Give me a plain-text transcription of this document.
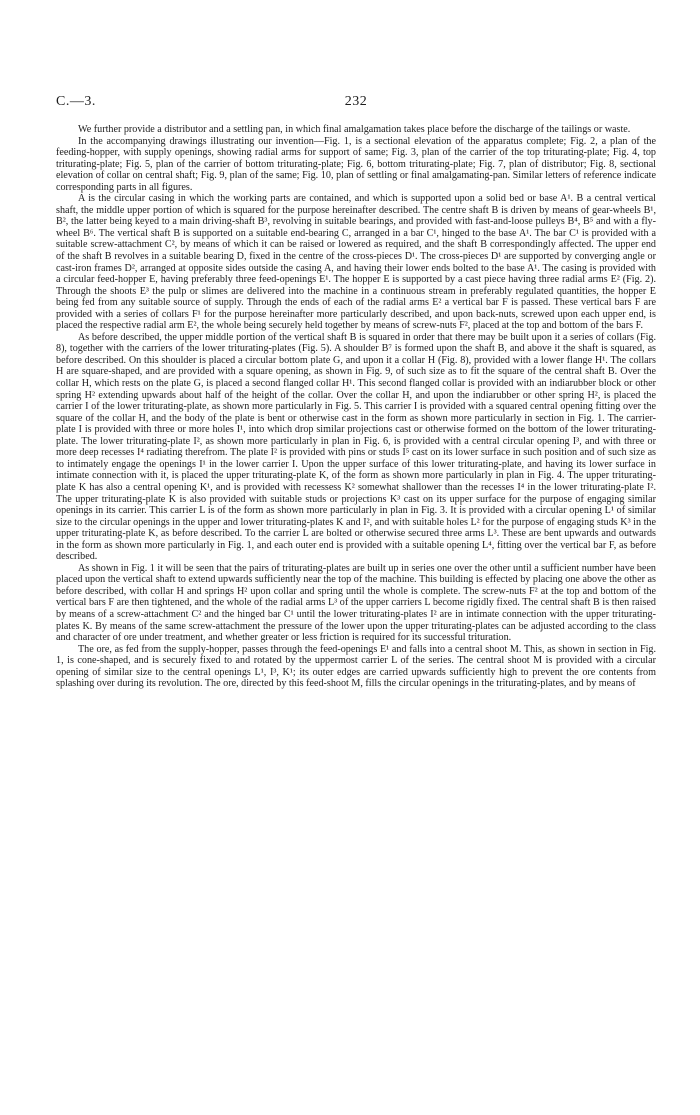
C.—3.	232

We further provide a distributor and a settling pan, in which final amalgamation takes place before the discharge of the tailings or waste.

In the accompanying drawings illustrating our invention—Fig. 1, is a sectional elevation of the apparatus complete; Fig. 2, a plan of the feeding-hopper, with supply openings, showing radial arms for support of same; Fig. 3, plan of the carrier of the top triturating-plate; Fig. 4, top triturating-plate; Fig. 5, plan of the carrier of bottom triturating-plate; Fig. 6, bottom triturating-plate; Fig. 7, plan of distributor; Fig. 8, sectional elevation of collar on central shaft; Fig. 9, plan of the same; Fig. 10, plan of settling or final amalgamating-pan. Similar letters of reference indicate corresponding parts in all figures.

A is the circular casing in which the working parts are contained, and which is supported upon a solid bed or base A¹. B a central vertical shaft, the middle upper portion of which is squared for the purpose hereinafter described. The centre shaft B is driven by means of gear-wheels B¹, B², the latter being keyed to a main driving-shaft B³, revolving in suitable bearings, and provided with fast-and-loose pulleys B⁴, B⁵ and with a fly-wheel B⁶. The vertical shaft B is supported on a suitable end-bearing C, arranged in a bar C¹, hinged to the base A¹. The bar C¹ is provided with a suitable screw-attachment C², by means of which it can be raised or lowered as required, and the shaft B correspondingly affected. The upper end of the shaft B revolves in a suitable bearing D, fixed in the centre of the cross-pieces D¹. The cross-pieces D¹ are supported by converging angle or cast-iron frames D², arranged at opposite sides outside the casing A, and having their lower ends bolted to the base A¹. The casing is provided with a circular feed-hopper E, having preferably three feed-openings E¹. The hopper E is supported by a cast piece having three radial arms E² (Fig. 2). Through the shoots E³ the pulp or slimes are delivered into the machine in a continuous stream in preferably regulated quantities, the hopper E being fed from any suitable source of supply. Through the ends of each of the radial arms E² a vertical bar F is passed. These vertical bars F are provided with a series of collars F¹ for the purpose hereinafter more particularly described, and upon back-nuts, screwed upon each upper end, is placed the respective radial arm E², the whole being securely held together by means of screw-nuts F², placed at the top and bottom of the bars F.

As before described, the upper middle portion of the vertical shaft B is squared in order that there may be built upon it a series of collars (Fig. 8), together with the carriers of the lower triturating-plates (Fig. 5). A shoulder B⁷ is formed upon the shaft B, and above it the shaft is squared, as before described. On this shoulder is placed a circular bottom plate G, and upon it a collar H (Fig. 8), provided with a lower flange H¹. The collars H are square-shaped, and are provided with a square opening, as shown in Fig. 9, of such size as to fit the square of the central shaft B. Over the collar H, which rests on the plate G, is placed a second flanged collar H¹. This second flanged collar is provided with an indiarubber block or other spring H² extending upwards about half of the height of the collar. Over the collar H, and upon the indiarubber or other spring H², is placed the carrier I of the lower triturating-plate, as shown more particularly in Fig. 5. This carrier I is provided with a squared central opening fitting over the square of the collar H, and the body of the plate is bent or otherwise cast in the form as shown more particularly in section in Fig. 1. The carrier-plate I is provided with three or more holes I¹, into which drop similar projections cast or otherwise formed on the bottom of the lower triturating-plate. The lower triturating-plate I², as shown more particularly in plan in Fig. 6, is provided with a central circular opening I³, and with three or more deep recesses I⁴ radiating therefrom. The plate I² is provided with pins or studs I⁵ cast on its lower surface in such position and of such size as to intimately engage the openings I¹ in the lower carrier I. Upon the upper surface of this lower triturating-plate, and having its lower surface in intimate connection with it, is placed the upper triturating-plate K, of the form as shown more particularly in plan in Fig. 4. The upper triturating-plate K has also a central opening K¹, and is provided with recessess K² somewhat shallower than the recesses I⁴ in the lower triturating-plate I². The upper triturating-plate K is also provided with suitable studs or projections K³ cast on its upper surface for the purpose of engaging similar openings in its carrier. This carrier L is of the form as shown more particularly in plan in Fig. 3. It is provided with a circular opening L¹ of similar size to the circular openings in the upper and lower triturating-plates K and I², and with suitable holes L² for the purpose of engaging studs K³ in the upper triturating-plate K, as before described. To the carrier L are bolted or otherwise secured three arms L³. These are bent upwards and outwards in the form as shown more particularly in Fig. 1, and each outer end is provided with a suitable opening L⁴, fitting over the vertical bar F, as before described.

As shown in Fig. 1 it will be seen that the pairs of triturating-plates are built up in series one over the other until a sufficient number have been placed upon the vertical shaft to extend upwards sufficiently near the top of the machine. This building is effected by placing one above the other as before described, with collar H and springs H² upon collar and spring until the whole is complete. The screw-nuts F² at the top and bottom of the vertical bars F are then tightened, and the whole of the radial arms L³ of the upper carriers L become rigidly fixed. The central shaft B is then raised by means of a screw-attachment C² and the hinged bar C¹ until the lower triturating-plates I² are in intimate connection with the upper triturating-plates K. By means of the same screw-attachment the pressure of the lower upon the upper triturating-plates can be adjusted according to the class and character of ore under treatment, and whether greater or less friction is required for its successful trituration.

The ore, as fed from the supply-hopper, passes through the feed-openings E¹ and falls into a central shoot M. This, as shown in section in Fig. 1, is cone-shaped, and is securely fixed to and rotated by the uppermost carrier L of the series. The central shoot M is provided with a circular opening of similar size to the central openings L¹, I³, K¹; its outer edges are carried upwards sufficiently high to prevent the ore contents from splashing over during its revolution. The ore, directed by this feed-shoot M, fills the circular openings in the triturating-plates, and by means of
